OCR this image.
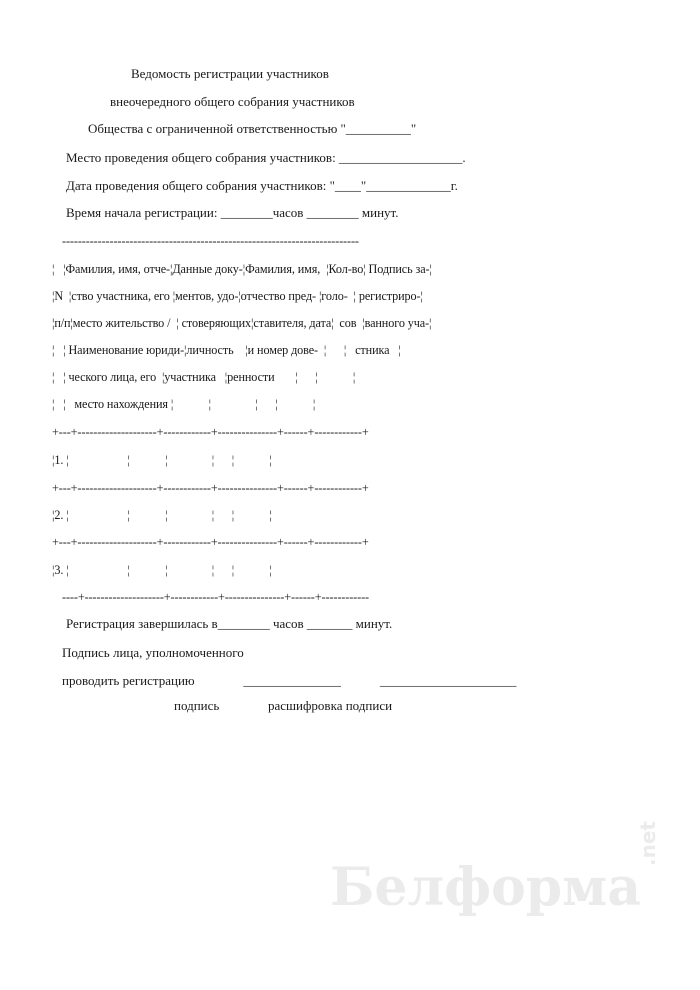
Ведомость регистрации участников

внеочередного общего собрания участников

Общества с ограниченной ответственностью "__________"

Место проведения общего собрания участников: ___________________.

Дата проведения общего собрания участников: "____"_____________г.

Время начала регистрации: ________часов ________ минут.

---------------------------------------------------------------------------

¦   ¦Фамилия, имя, отче-¦Данные доку-¦Фамилия, имя,  ¦Кол-во¦ Подпись за-¦

¦N  ¦ство участника, его ¦ментов, удо-¦отчество пред- ¦голо-  ¦ регистриро-¦

¦п/п¦место жительство /  ¦ стоверяющих¦ставителя, дата¦  сов  ¦ванного уча-¦

¦   ¦ Наименование юриди-¦личность    ¦и номер дове-  ¦      ¦   стника   ¦

¦   ¦ ческого лица, его  ¦участника   ¦ренности       ¦      ¦            ¦

¦   ¦   место нахождения ¦            ¦               ¦      ¦            ¦

+---+--------------------+------------+---------------+------+------------+

¦1. ¦                    ¦            ¦               ¦      ¦            ¦

+---+--------------------+------------+---------------+------+------------+

¦2. ¦                    ¦            ¦               ¦      ¦            ¦

+---+--------------------+------------+---------------+------+------------+

¦3. ¦                    ¦            ¦               ¦      ¦            ¦

----+--------------------+------------+---------------+------+------------

Регистрация завершилась в________ часов _______ минут.

Подпись лица, уполномоченного

проводить регистрацию               _______________            _____________________

подпись	расшифровка подписи

Белформа
.net
